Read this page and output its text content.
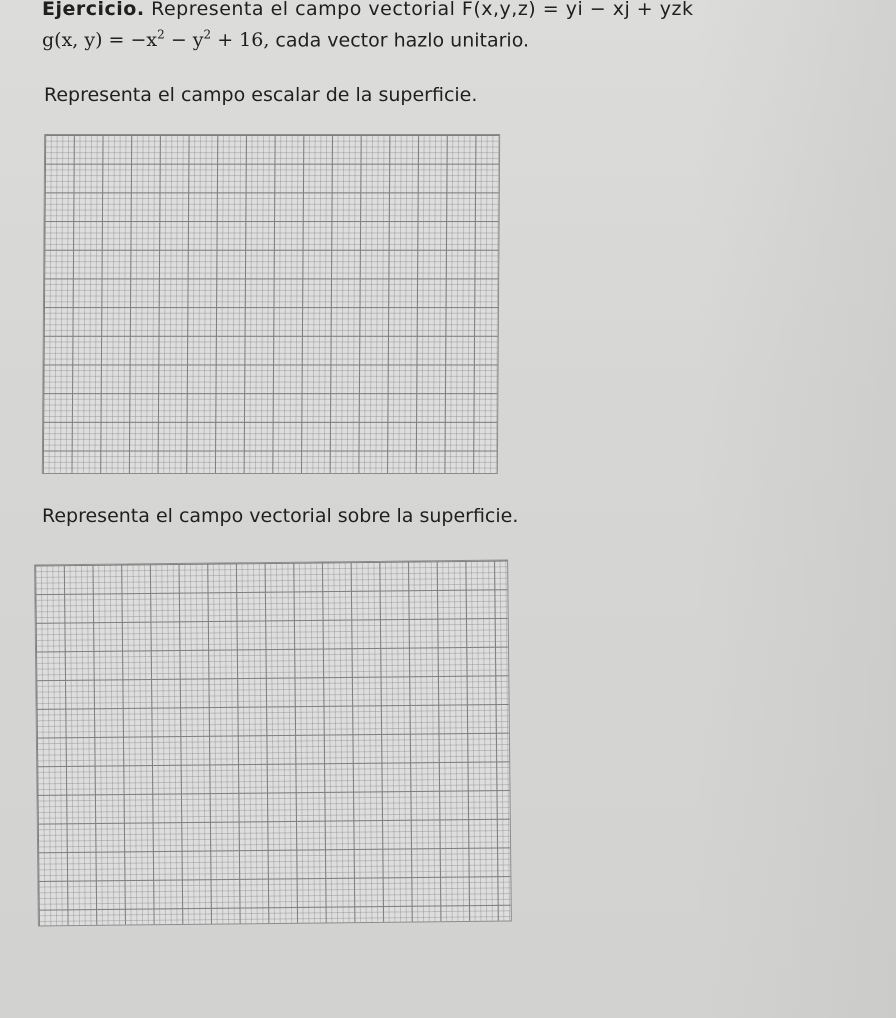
Ejercicio. Representa el campo vectorial F(x,y,z) = yi − xj + yzk
g(x, $y) = -x^2 - y^2 + 16$, cada vector hazlo unitario.
Representa el campo escalar de la superficie.
Representa el campo vectorial sobre la superficie.
